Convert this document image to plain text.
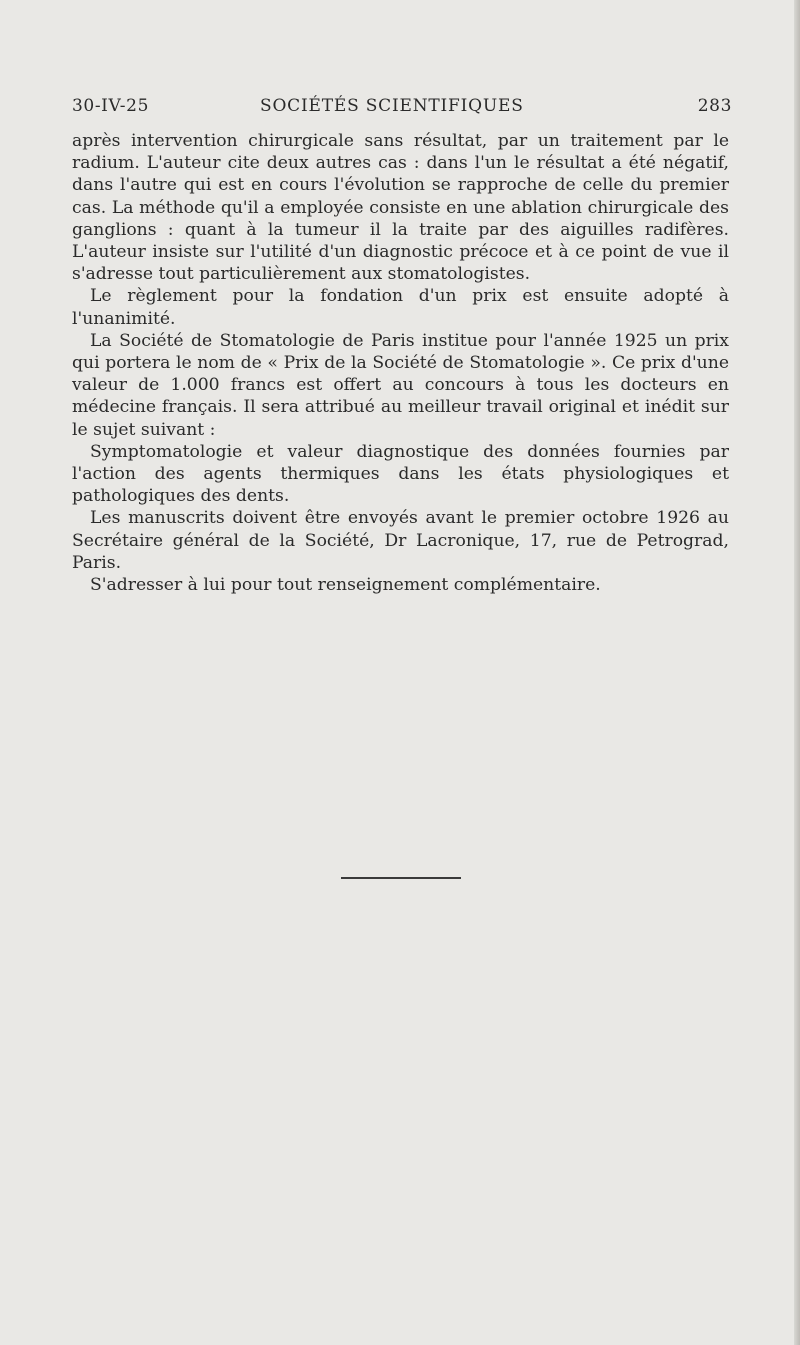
30-IV-25	SOCIÉTÉS SCIENTIFIQUES	283

après intervention chirurgicale sans résultat, par un traitement par le radium. L'auteur cite deux autres cas : dans l'un le résultat a été négatif, dans l'autre qui est en cours l'évolution se rapproche de celle du premier cas. La méthode qu'il a employée consiste en une ablation chirurgicale des ganglions : quant à la tumeur il la traite par des aiguilles radifères. L'auteur insiste sur l'utilité d'un diagnostic précoce et à ce point de vue il s'adresse tout particulièrement aux stomatologistes.

Le règlement pour la fondation d'un prix est ensuite adopté à l'unanimité.

La Société de Stomatologie de Paris institue pour l'année 1925 un prix qui portera le nom de « Prix de la Société de Stomatologie ». Ce prix d'une valeur de 1.000 francs est offert au concours à tous les docteurs en médecine français. Il sera attribué au meilleur travail original et inédit sur le sujet suivant :

Symptomatologie et valeur diagnostique des données fournies par l'action des agents thermiques dans les états physiologiques et pathologiques des dents.

Les manuscrits doivent être envoyés avant le premier octobre 1926 au Secrétaire général de la Société, Dr Lacronique, 17, rue de Petrograd, Paris.

S'adresser à lui pour tout renseignement complémentaire.
